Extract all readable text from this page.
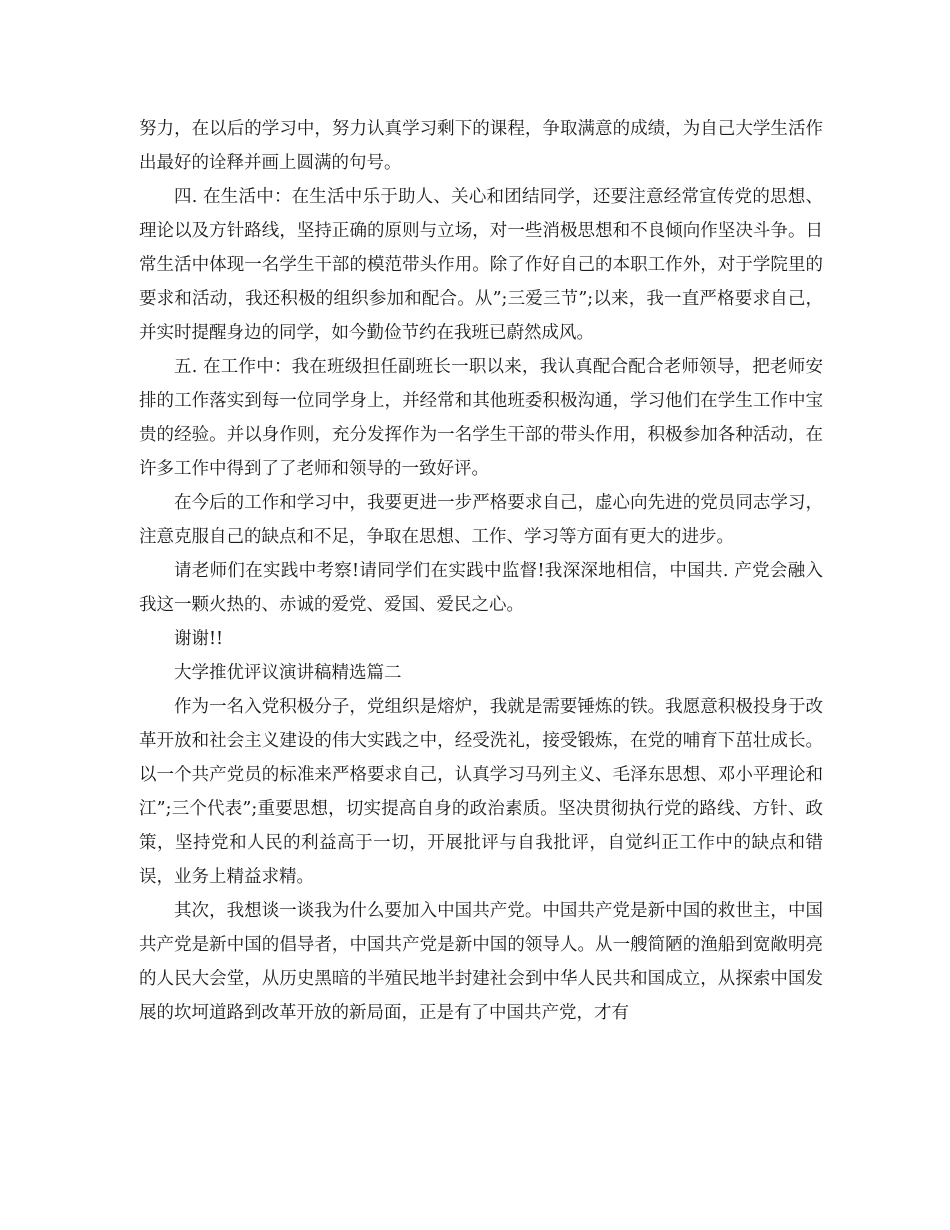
努力，在以后的学习中，努力认真学习剩下的课程，争取满意的成绩，为自己大学生活作出最好的诠释并画上圆满的句号。

四. 在生活中：在生活中乐于助人、关心和团结同学，还要注意经常宣传党的思想、理论以及方针路线，坚持正确的原则与立场，对一些消极思想和不良倾向作坚决斗争。日常生活中体现一名学生干部的模范带头作用。除了作好自己的本职工作外，对于学院里的要求和活动，我还积极的组织参加和配合。从”;三爱三节”;以来，我一直严格要求自己，并实时提醒身边的同学，如今勤俭节约在我班已蔚然成风。

五. 在工作中：我在班级担任副班长一职以来，我认真配合配合老师领导，把老师安排的工作落实到每一位同学身上，并经常和其他班委积极沟通，学习他们在学生工作中宝贵的经验。并以身作则，充分发挥作为一名学生干部的带头作用，积极参加各种活动，在许多工作中得到了了老师和领导的一致好评。

在今后的工作和学习中，我要更进一步严格要求自己，虚心向先进的党员同志学习，注意克服自己的缺点和不足，争取在思想、工作、学习等方面有更大的进步。

请老师们在实践中考察!请同学们在实践中监督!我深深地相信，中国共. 产党会融入我这一颗火热的、赤诚的爱党、爱国、爱民之心。

谢谢!!

大学推优评议演讲稿精选篇二

作为一名入党积极分子，党组织是熔炉，我就是需要锤炼的铁。我愿意积极投身于改革开放和社会主义建设的伟大实践之中，经受洗礼，接受锻炼，在党的哺育下茁壮成长。以一个共产党员的标准来严格要求自己，认真学习马列主义、毛泽东思想、邓小平理论和江”;三个代表”;重要思想，切实提高自身的政治素质。坚决贯彻执行党的路线、方针、政策，坚持党和人民的利益高于一切，开展批评与自我批评，自觉纠正工作中的缺点和错误，业务上精益求精。

其次，我想谈一谈我为什么要加入中国共产党。中国共产党是新中国的救世主，中国共产党是新中国的倡导者，中国共产党是新中国的领导人。从一艘简陋的渔船到宽敞明亮的人民大会堂，从历史黑暗的半殖民地半封建社会到中华人民共和国成立，从探索中国发展的坎坷道路到改革开放的新局面，正是有了中国共产党，才有
